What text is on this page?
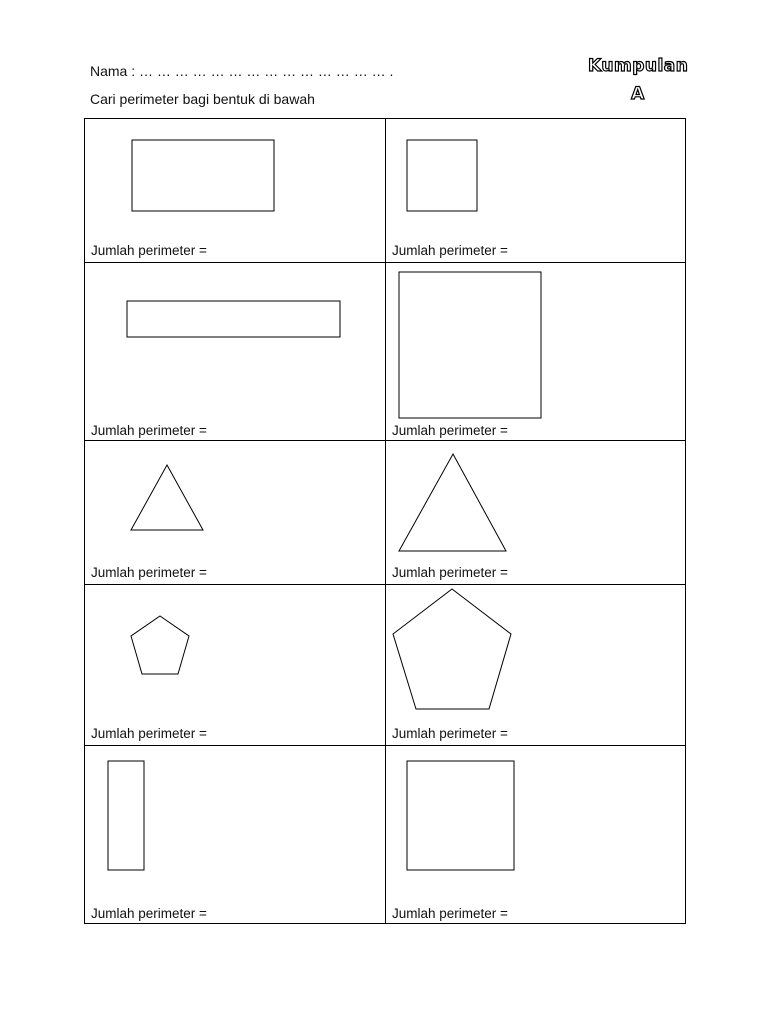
Nama : … … … … … … … … … … … … … … .
Cari perimeter bagi bentuk di bawah
Kumpulan
A
Jumlah perimeter =	Jumlah perimeter =
Jumlah perimeter =	Jumlah perimeter =
Jumlah perimeter =	Jumlah perimeter =
Jumlah perimeter =	Jumlah perimeter =
Jumlah perimeter =	Jumlah perimeter =
